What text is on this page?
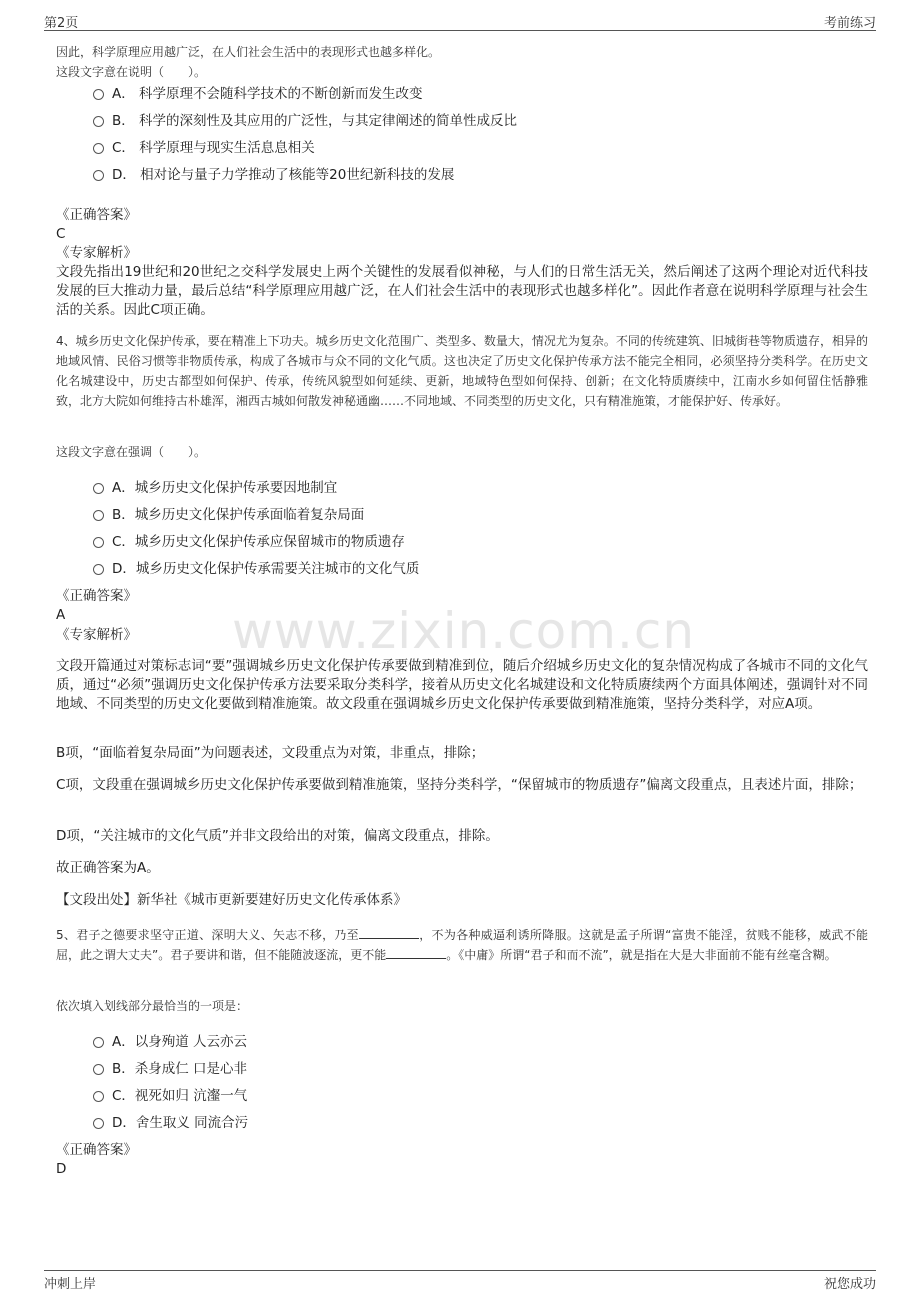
第2页	考前练习
www.zixin.com.cn
因此，科学原理应用越广泛，在人们社会生活中的表现形式也越多样化。
这段文字意在说明（　　）。
A． 科学原理不会随科学技术的不断创新而发生改变
B． 科学的深刻性及其应用的广泛性，与其定律阐述的简单性成反比
C． 科学原理与现实生活息息相关
D． 相对论与量子力学推动了核能等20世纪新科技的发展
《正确答案》
C
《专家解析》
文段先指出19世纪和20世纪之交科学发展史上两个关键性的发展看似神秘，与人们的日常生活无关，然后阐述了这两个理论对近代科技发展的巨大推动力量，最后总结“科学原理应用越广泛，在人们社会生活中的表现形式也越多样化”。因此作者意在说明科学原理与社会生活的关系。因此C项正确。
4、城乡历史文化保护传承，要在精准上下功夫。城乡历史文化范围广、类型多、数量大，情况尤为复杂。不同的传统建筑、旧城街巷等物质遗存，相异的地域风情、民俗习惯等非物质传承，构成了各城市与众不同的文化气质。这也决定了历史文化保护传承方法不能完全相同，必须坚持分类科学。在历史文化名城建设中，历史古都型如何保护、传承，传统风貌型如何延续、更新，地域特色型如何保持、创新；在文化特质赓续中，江南水乡如何留住恬静雅致，北方大院如何维持古朴雄浑，湘西古城如何散发神秘通幽……不同地域、不同类型的历史文化，只有精准施策，才能保护好、传承好。
这段文字意在强调（　　）。
A．城乡历史文化保护传承要因地制宜
B．城乡历史文化保护传承面临着复杂局面
C．城乡历史文化保护传承应保留城市的物质遗存
D．城乡历史文化保护传承需要关注城市的文化气质
《正确答案》
A
《专家解析》
文段开篇通过对策标志词“要”强调城乡历史文化保护传承要做到精准到位，随后介绍城乡历史文化的复杂情况构成了各城市不同的文化气质，通过“必须”强调历史文化保护传承方法要采取分类科学，接着从历史文化名城建设和文化特质赓续两个方面具体阐述，强调针对不同地域、不同类型的历史文化要做到精准施策。故文段重在强调城乡历史文化保护传承要做到精准施策，坚持分类科学，对应A项。
B项，“面临着复杂局面”为问题表述，文段重点为对策，非重点，排除；
C项，文段重在强调城乡历史文化保护传承要做到精准施策，坚持分类科学，“保留城市的物质遗存”偏离文段重点，且表述片面，排除；
D项，“关注城市的文化气质”并非文段给出的对策，偏离文段重点，排除。
故正确答案为A。
【文段出处】新华社《城市更新要建好历史文化传承体系》
5、君子之德要求坚守正道、深明大义、矢志不移，乃至	，不为各种威逼利诱所降服。这就是孟子所谓“富贵不能淫，贫贱不能移，威武不能屈，此之谓大丈夫”。君子要讲和谐，但不能随波逐流，更不能	。《中庸》所谓“君子和而不流”，就是指在大是大非面前不能有丝毫含糊。
依次填入划线部分最恰当的一项是：
A．以身殉道 人云亦云
B．杀身成仁 口是心非
C．视死如归 沆瀣一气
D．舍生取义 同流合污
《正确答案》
D
冲刺上岸	祝您成功
